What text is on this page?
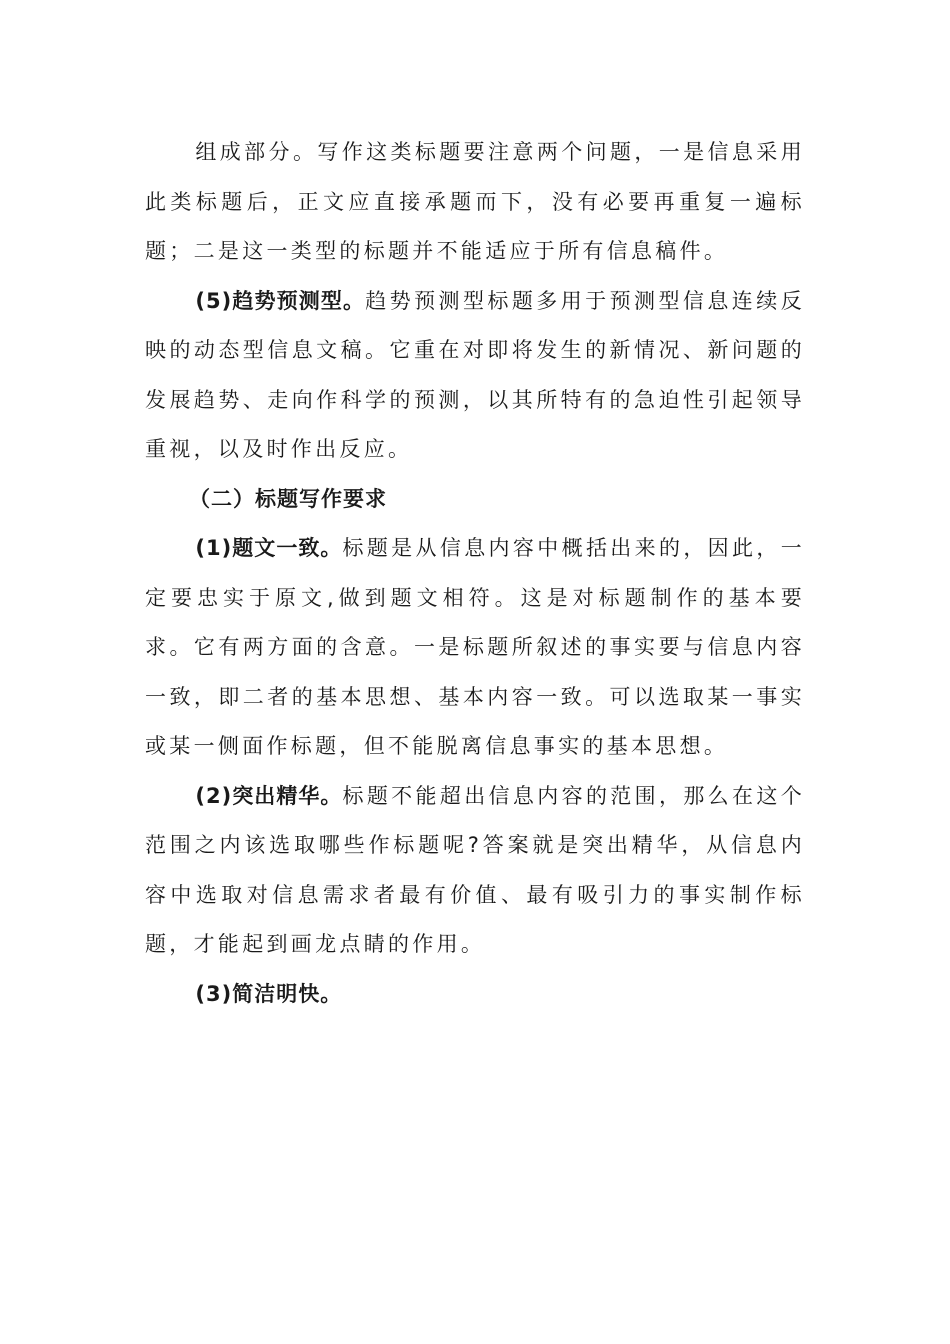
组成部分。写作这类标题要注意两个问题，一是信息采用此类标题后，正文应直接承题而下，没有必要再重复一遍标题；二是这一类型的标题并不能适应于所有信息稿件。

(5)趋势预测型。趋势预测型标题多用于预测型信息连续反映的动态型信息文稿。它重在对即将发生的新情况、新问题的发展趋势、走向作科学的预测，以其所特有的急迫性引起领导重视，以及时作出反应。

（二）标题写作要求

(1)题文一致。标题是从信息内容中概括出来的，因此，一定要忠实于原文,做到题文相符。这是对标题制作的基本要求。它有两方面的含意。一是标题所叙述的事实要与信息内容一致，即二者的基本思想、基本内容一致。可以选取某一事实或某一侧面作标题，但不能脱离信息事实的基本思想。

(2)突出精华。标题不能超出信息内容的范围，那么在这个范围之内该选取哪些作标题呢?答案就是突出精华，从信息内容中选取对信息需求者最有价值、最有吸引力的事实制作标题，才能起到画龙点睛的作用。

(3)简洁明快。
